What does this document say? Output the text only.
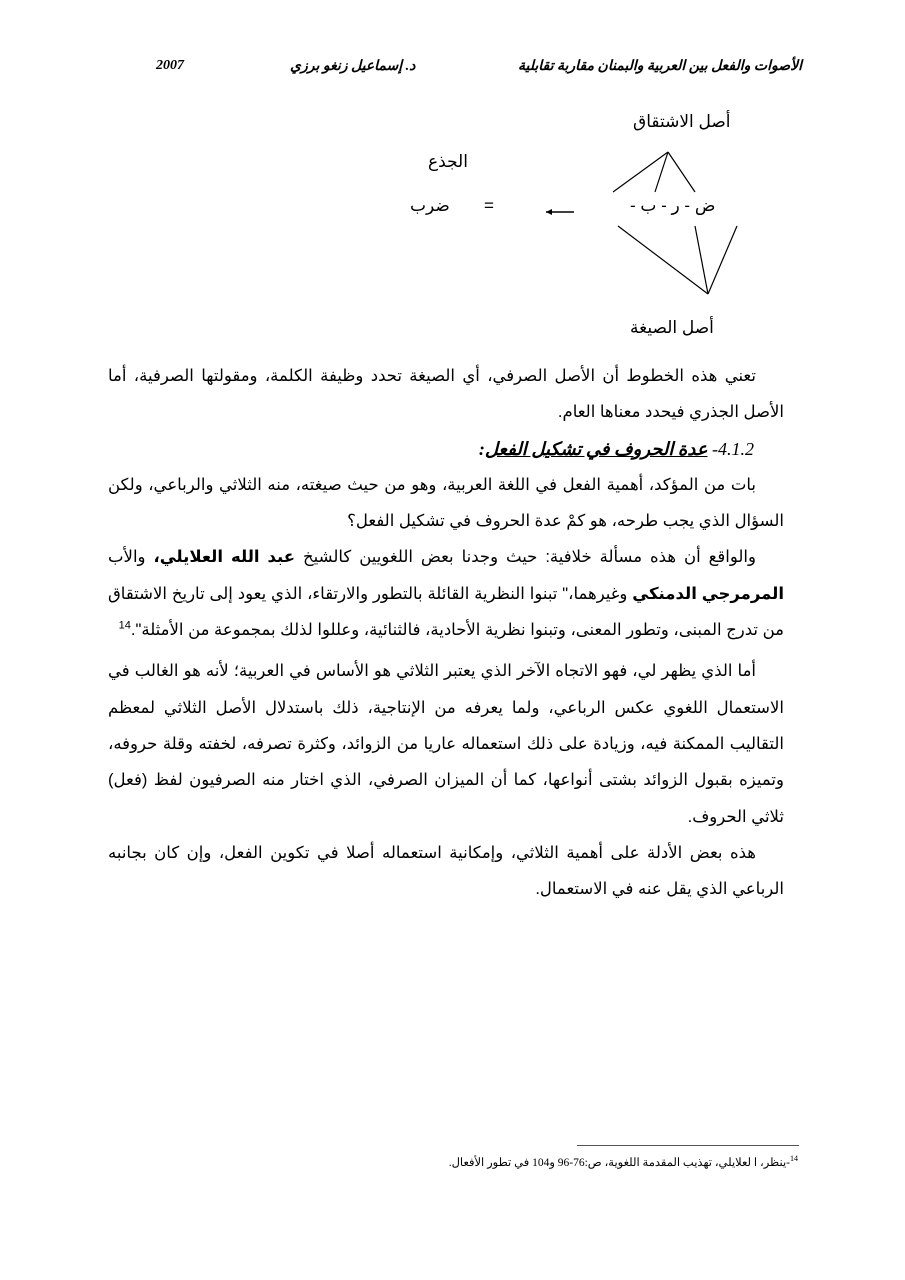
الأصوات والفعل بين العربية والبمنان مقاربة تقابلية
د. إسماعيل زنغو برزي
2007
أصل الاشتقاق
الجذع
ضرب =	ض - ر - ب -
أصل الصيغة

تعني هذه الخطوط أن الأصل الصرفي، أي الصيغة تحدد وظيفة الكلمة، ومقولتها الصرفية، أما الأصل الجذري فيحدد معناها العام.

4.1.2- عدة الحروف في تشكيل الفعل:

بات من المؤكد، أهمية الفعل في اللغة العربية، وهو من حيث صيغته، منه الثلاثي والرباعي، ولكن السؤال الذي يجب طرحه، هو كمْ عدة الحروف في تشكيل الفعل؟

والواقع أن هذه مسألة خلافية: حيث وجدنا بعض اللغويين كالشيخ عبد الله العلايلي، والأب المرمرجي الدمنكي وغيرهما،" تبنوا النظرية القائلة بالتطور والارتقاء، الذي يعود إلى تاريخ الاشتقاق من تدرج المبنى، وتطور المعنى، وتبنوا نظرية الأحادية، فالثنائية، وعللوا لذلك بمجموعة من الأمثلة".$^{14}$

أما الذي يظهر لي، فهو الاتجاه الآخر الذي يعتبر الثلاثي هو الأساس في العربية؛ لأنه هو الغالب في الاستعمال اللغوي عكس الرباعي، ولما يعرفه من الإنتاجية، ذلك باستدلال الأصل الثلاثي لمعظم التقاليب الممكنة فيه، وزيادة على ذلك استعماله عاريا من الزوائد، وكثرة تصرفه، لخفته وقلة حروفه، وتميزه بقبول الزوائد بشتى أنواعها، كما أن الميزان الصرفي، الذي اختار منه الصرفيون لفظ (فعل) ثلاثي الحروف.

هذه بعض الأدلة على أهمية الثلاثي، وإمكانية استعماله أصلا في تكوين الفعل، وإن كان بجانبه الرباعي الذي يقل عنه في الاستعمال.

$^{14}$-ينظر، ا لعلايلي، تهذيب المقدمة اللغوية، ص:76-96 و104 في تطور الأفعال.
